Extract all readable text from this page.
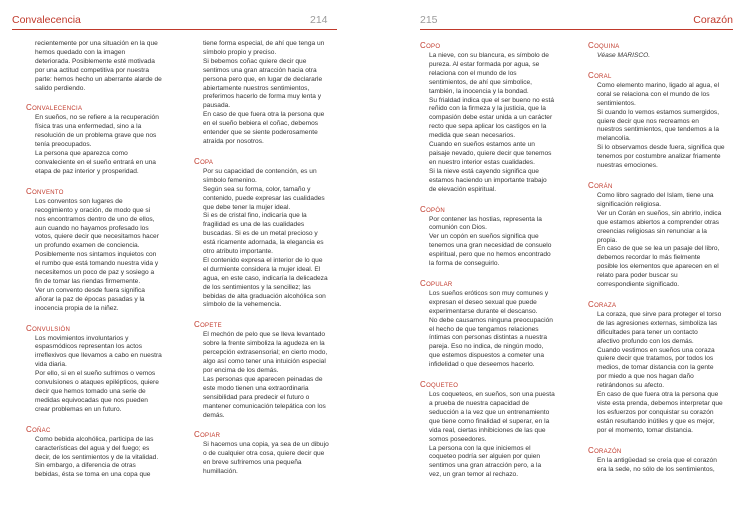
Convalecencia	214

recientemente por una situación en la que

hemos quedado con la imagen

deteriorada. Posiblemente esté motivada

por una actitud competitiva por nuestra

parte: hemos hecho un aberrante alarde de

salido perdiendo.

Convalecencia

En sueños, no se refiere a la recuperación

física tras una enfermedad, sino a la

resolución de un problema grave que nos

tenía preocupados.

La persona que aparezca como

convaleciente en el sueño entrará en una

etapa de paz interior y prosperidad.

Convento

Los conventos son lugares de

recogimiento y oración, de modo que si

nos encontramos dentro de uno de ellos,

aun cuando no hayamos profesado los

votos, quiere decir que necesitamos hacer

un profundo examen de conciencia.

Posiblemente nos sintamos inquietos con

el rumbo que está tomando nuestra vida y

necesitemos un poco de paz y sosiego a

fin de tomar las riendas firmemente.

Ver un convento desde fuera significa

añorar la paz de épocas pasadas y la

inocencia propia de la niñez.

Convulsión

Los movimientos involuntarios y

espasmódicos representan los actos

irreflexivos que llevamos a cabo en nuestra

vida diaria.

Por ello, si en el sueño sufrimos o vemos

convulsiones o ataques epilépticos, quiere

decir que hemos tomado una serie de

medidas equivocadas que nos pueden

crear problemas en un futuro.

Coñac

Como bebida alcohólica, participa de las

características del agua y del fuego; es

decir, de los sentimientos y de la vitalidad.

Sin embargo, a diferencia de otras

bebidas, ésta se toma en una copa que

tiene forma especial, de ahí que tenga un

símbolo propio y preciso.

Si bebemos coñac quiere decir que

sentimos una gran atracción hacia otra

persona pero que, en lugar de declararle

abiertamente nuestros sentimientos,

preferimos hacerlo de forma muy lenta y

pausada.

En caso de que fuera otra la persona que

en el sueño bebiera el coñac, debemos

entender que se siente poderosamente

atraída por nosotros.

Copa

Por su capacidad de contención, es un

símbolo femenino.

Según sea su forma, color, tamaño y

contenido, puede expresar las cualidades

que debe tener la mujer ideal.

Si es de cristal fino, indicaría que la

fragilidad es una de las cualidades

buscadas. Si es de un metal precioso y

está ricamente adornada, la elegancia es

otro atributo importante.

El contenido expresa el interior de lo que

el durmiente considera la mujer ideal. El

agua, en este caso, indicaría la delicadeza

de los sentimientos y la sencillez; las

bebidas de alta graduación alcohólica son

símbolo de la vehemencia.

Copete

El mechón de pelo que se lleva levantado

sobre la frente simboliza la agudeza en la

percepción extrasensorial; en cierto modo,

algo así como tener una intuición especial

por encima de los demás.

Las personas que aparecen peinadas de

este modo tienen una extraordinaria

sensibilidad para predecir el futuro o

mantener comunicación telepática con los

demás.

Copiar

Si hacemos una copia, ya sea de un dibujo

o de cualquier otra cosa, quiere decir que

en breve sufriremos una pequeña

humillación.

215	Corazón
Copo

La nieve, con su blancura, es símbolo de

pureza. Al estar formada por agua, se

relaciona con el mundo de los

sentimientos, de ahí que simbolice,

también, la inocencia y la bondad.

Su frialdad indica que el ser bueno no está

reñido con la firmeza y la justicia, que la

compasión debe estar unida a un carácter

recto que sepa aplicar los castigos en la

medida que sean necesarios.

Cuando en sueños estamos ante un

paisaje nevado, quiere decir que tenemos

en nuestro interior estas cualidades.

Si la nieve está cayendo significa que

estamos haciendo un importante trabajo

de elevación espiritual.

Copón

Por contener las hostias, representa la

comunión con Dios.

Ver un copón en sueños significa que

tenemos una gran necesidad de consuelo

espiritual, pero que no hemos encontrado

la forma de conseguirlo.

Copular

Los sueños eróticos son muy comunes y

expresan el deseo sexual que puede

experimentarse durante el descanso.

No debe causarnos ninguna preocupación

el hecho de que tengamos relaciones

íntimas con personas distintas a nuestra

pareja. Eso no indica, de ningún modo,

que estemos dispuestos a cometer una

infidelidad o que deseemos hacerlo.

Coqueteo

Los coqueteos, en sueños, son una puesta

a prueba de nuestra capacidad de

seducción a la vez que un entrenamiento

que tiene como finalidad el superar, en la

vida real, ciertas inhibiciones de las que

somos poseedores.

La persona con la que iniciemos el

coqueteo podría ser alguien por quien

sentimos una gran atracción pero, a la

vez, un gran temor al rechazo.

Coquina

Véase MARISCO.

Coral

Como elemento marino, ligado al agua, el

coral se relaciona con el mundo de los

sentimientos.

Si cuando lo vemos estamos sumergidos,

quiere decir que nos recreamos en

nuestros sentimientos, que tendemos a la

melancolía.

Si lo observamos desde fuera, significa que

tenemos por costumbre analizar friamente

nuestras emociones.

Corán

Como libro sagrado del Islam, tiene una

significación religiosa.

Ver un Corán en sueños, sin abrirlo, indica

que estamos abiertos a comprender otras

creencias religiosas sin renunciar a la

propia.

En caso de que se lea un pasaje del libro,

debemos recordar lo más fielmente

posible los elementos que aparecen en el

relato para poder buscar su

correspondiente significado.

Coraza

La coraza, que sirve para proteger el torso

de las agresiones externas, simboliza las

dificultades para tener un contacto

afectivo profundo con los demás.

Cuando vestimos en sueños una coraza

quiere decir que tratamos, por todos los

medios, de tomar distancia con la gente

por miedo a que nos hagan daño

retirándonos su afecto.

En caso de que fuera otra la persona que

viste esta prenda, debemos interpretar que

los esfuerzos por conquistar su corazón

están resultando inútiles y que es mejor,

por el momento, tomar distancia.

Corazón

En la antigüedad se creía que el corazón

era la sede, no sólo de los sentimientos,
